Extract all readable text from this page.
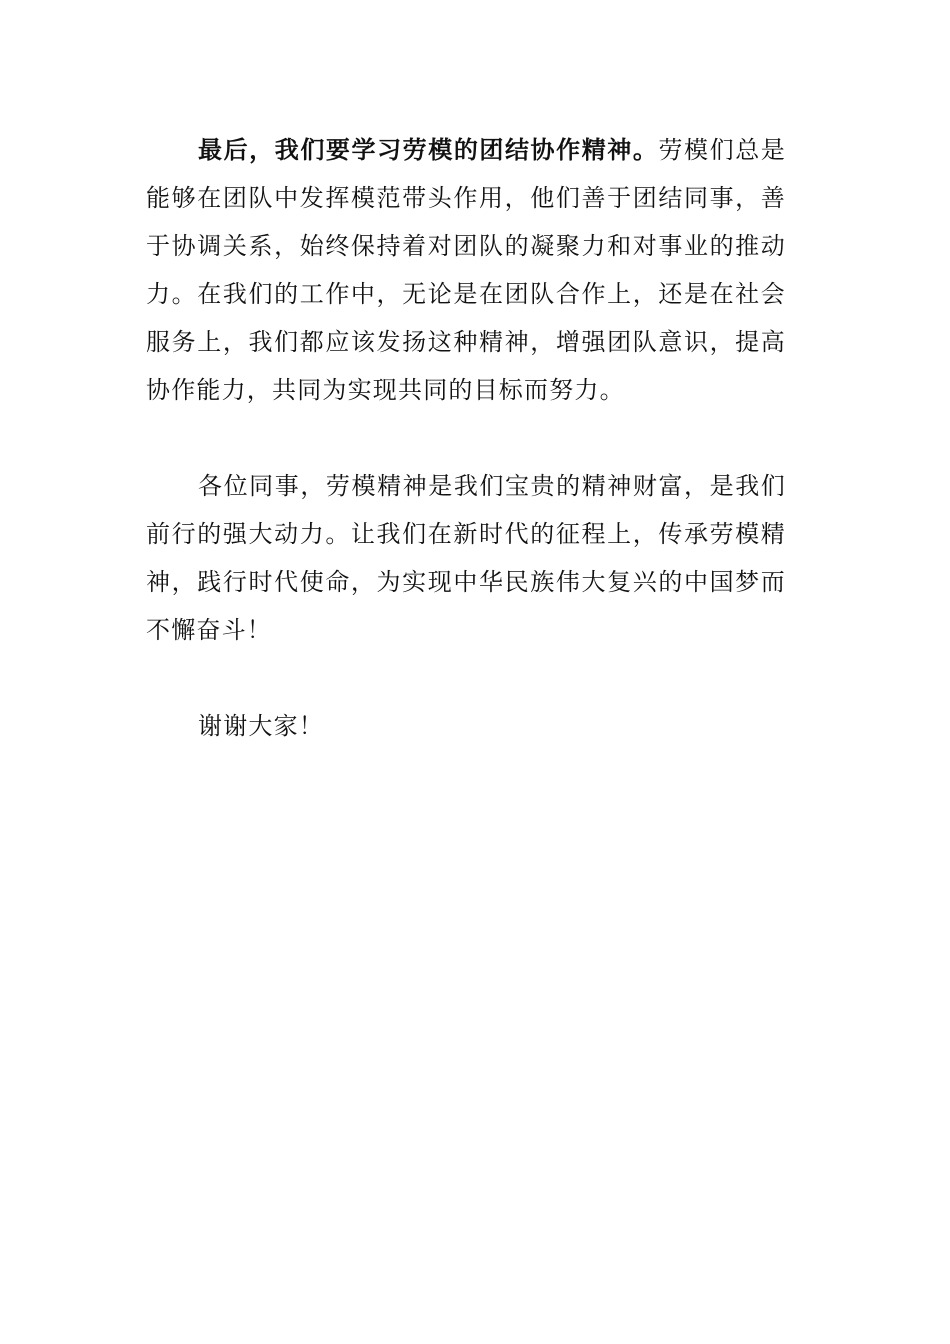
最后，我们要学习劳模的团结协作精神。劳模们总是能够在团队中发挥模范带头作用，他们善于团结同事，善于协调关系，始终保持着对团队的凝聚力和对事业的推动力。在我们的工作中，无论是在团队合作上，还是在社会服务上，我们都应该发扬这种精神，增强团队意识，提高协作能力，共同为实现共同的目标而努力。

各位同事，劳模精神是我们宝贵的精神财富，是我们前行的强大动力。让我们在新时代的征程上，传承劳模精神，践行时代使命，为实现中华民族伟大复兴的中国梦而不懈奋斗！

谢谢大家！
